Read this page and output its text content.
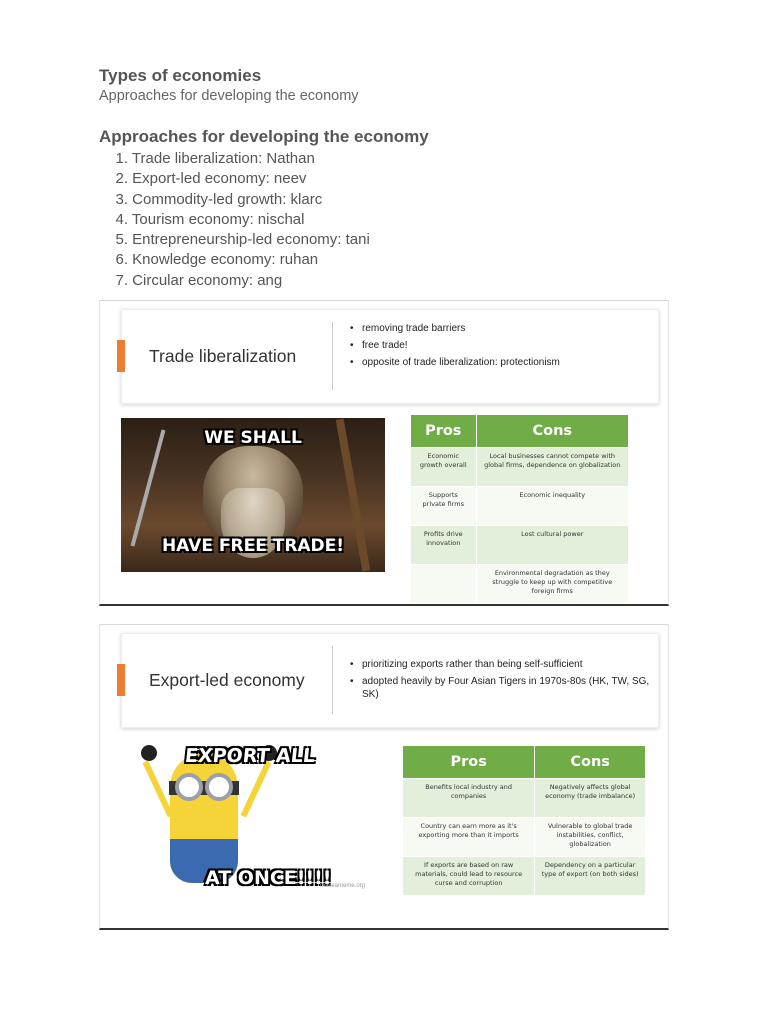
Types of economies

Approaches for developing the economy

Approaches for developing the economy
1. Trade liberalization: Nathan
2. Export-led economy: neev
3. Commodity-led growth: klarc
4. Tourism economy: nischal
5. Entrepreneurship-led economy: tani
6. Knowledge economy: ruhan
7. Circular economy: ang
Trade liberalization
• removing trade barriers
• free trade!
• opposite of trade liberalization: protectionism
WE SHALL
HAVE FREE TRADE!
Pros	Cons
Economic growth overall	Local businesses cannot compete with global firms, dependence on globalization
Supports private firms	Economic inequality
Profits drive innovation	Lost cultural power
	Environmental degradation as they struggle to keep up with competitive foreign firms
Export-led economy
• prioritizing exports rather than being self-sufficient
• adopted heavily by Four Asian Tigers in 1970s-80s (HK, TW, SG, SK)
EXPORT ALL
AT ONCE!!!!
makeameme.org
Pros	Cons
Benefits local industry and companies	Negatively affects global economy (trade imbalance)
Country can earn more as it's exporting more than it imports	Vulnerable to global trade instabilities, conflict, globalization
If exports are based on raw materials, could lead to resource curse and corruption	Dependency on a particular type of export (on both sides)
